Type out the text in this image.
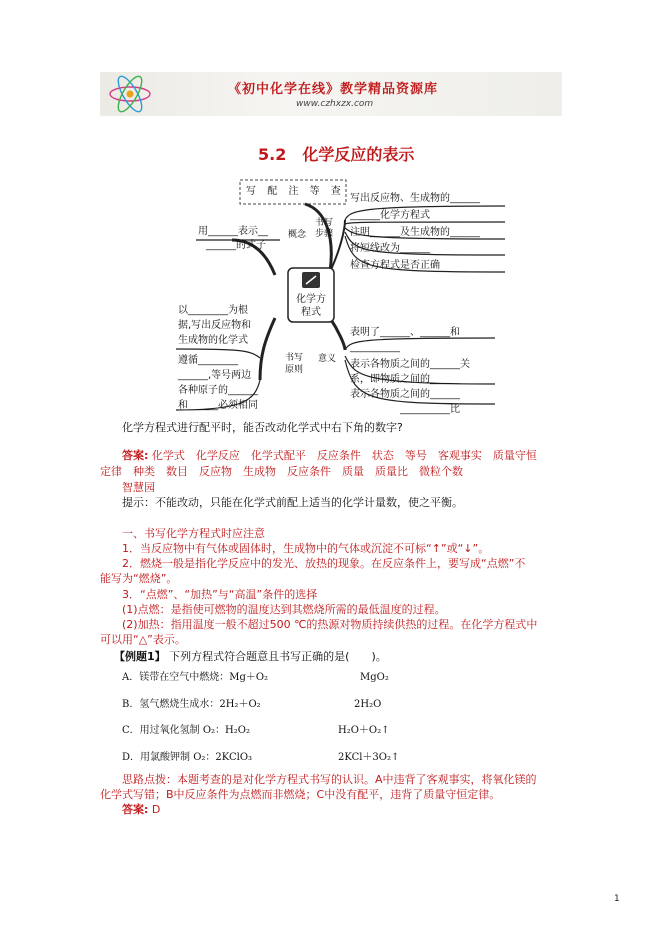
《初中化学在线》教学精品资源库
www.czhxzx.com
5.2　化学反应的表示
写 配 注 等 查
化学方程式
概念
用______表示__
______的式子
书写步骤
写出反应物、生成物的______
______化学方程式
注明______及生成物的______
将短线改为______
检查方程式是否正确
书写原则
以________为根
据,写出反应物和
生成物的化学式
遵循________
______,等号两边
各种原子的______
和______必须相同
意义
表明了______、______和
__________
表示各物质之间的______关
系，即物质之间的______
表示各物质之间的______
__________比
化学方程式进行配平时，能否改动化学式中右下角的数字?
答案: 化学式　化学反应　化学式配平　反应条件　状态　等号　客观事实　质量守恒
定律　种类　数目　反应物　生成物　反应条件　质量　质量比　微粒个数
智慧园
提示：不能改动，只能在化学式前配上适当的化学计量数，使之平衡。
一、书写化学方程式时应注意
1．当反应物中有气体或固体时，生成物中的气体或沉淀不可标“↑”或“↓”。
2．燃烧一般是指化学反应中的发光、放热的现象。在反应条件上，要写成“点燃”不
能写为“燃烧”。
3．“点燃”、“加热”与“高温”条件的选择
(1)点燃：是指使可燃物的温度达到其燃烧所需的最低温度的过程。
(2)加热：指用温度一般不超过500 ℃的热源对物质持续供热的过程。在化学方程式中
可以用“△”表示。
【例题1】 下列方程式符合题意且书写正确的是(　　)。
A．镁带在空气中燃烧：Mg＋O₂	MgO₂
B．氢气燃烧生成水：2H₂＋O₂	2H₂O
C．用过氧化氢制 O₂：H₂O₂	H₂O＋O₂↑
D．用氯酸钾制 O₂：2KClO₃	2KCl＋3O₂↑
思路点拨：本题考查的是对化学方程式书写的认识。A中违背了客观事实，将氧化镁的
化学式写错；B中反应条件为点燃而非燃烧；C中没有配平，违背了质量守恒定律。
答案: D
1
